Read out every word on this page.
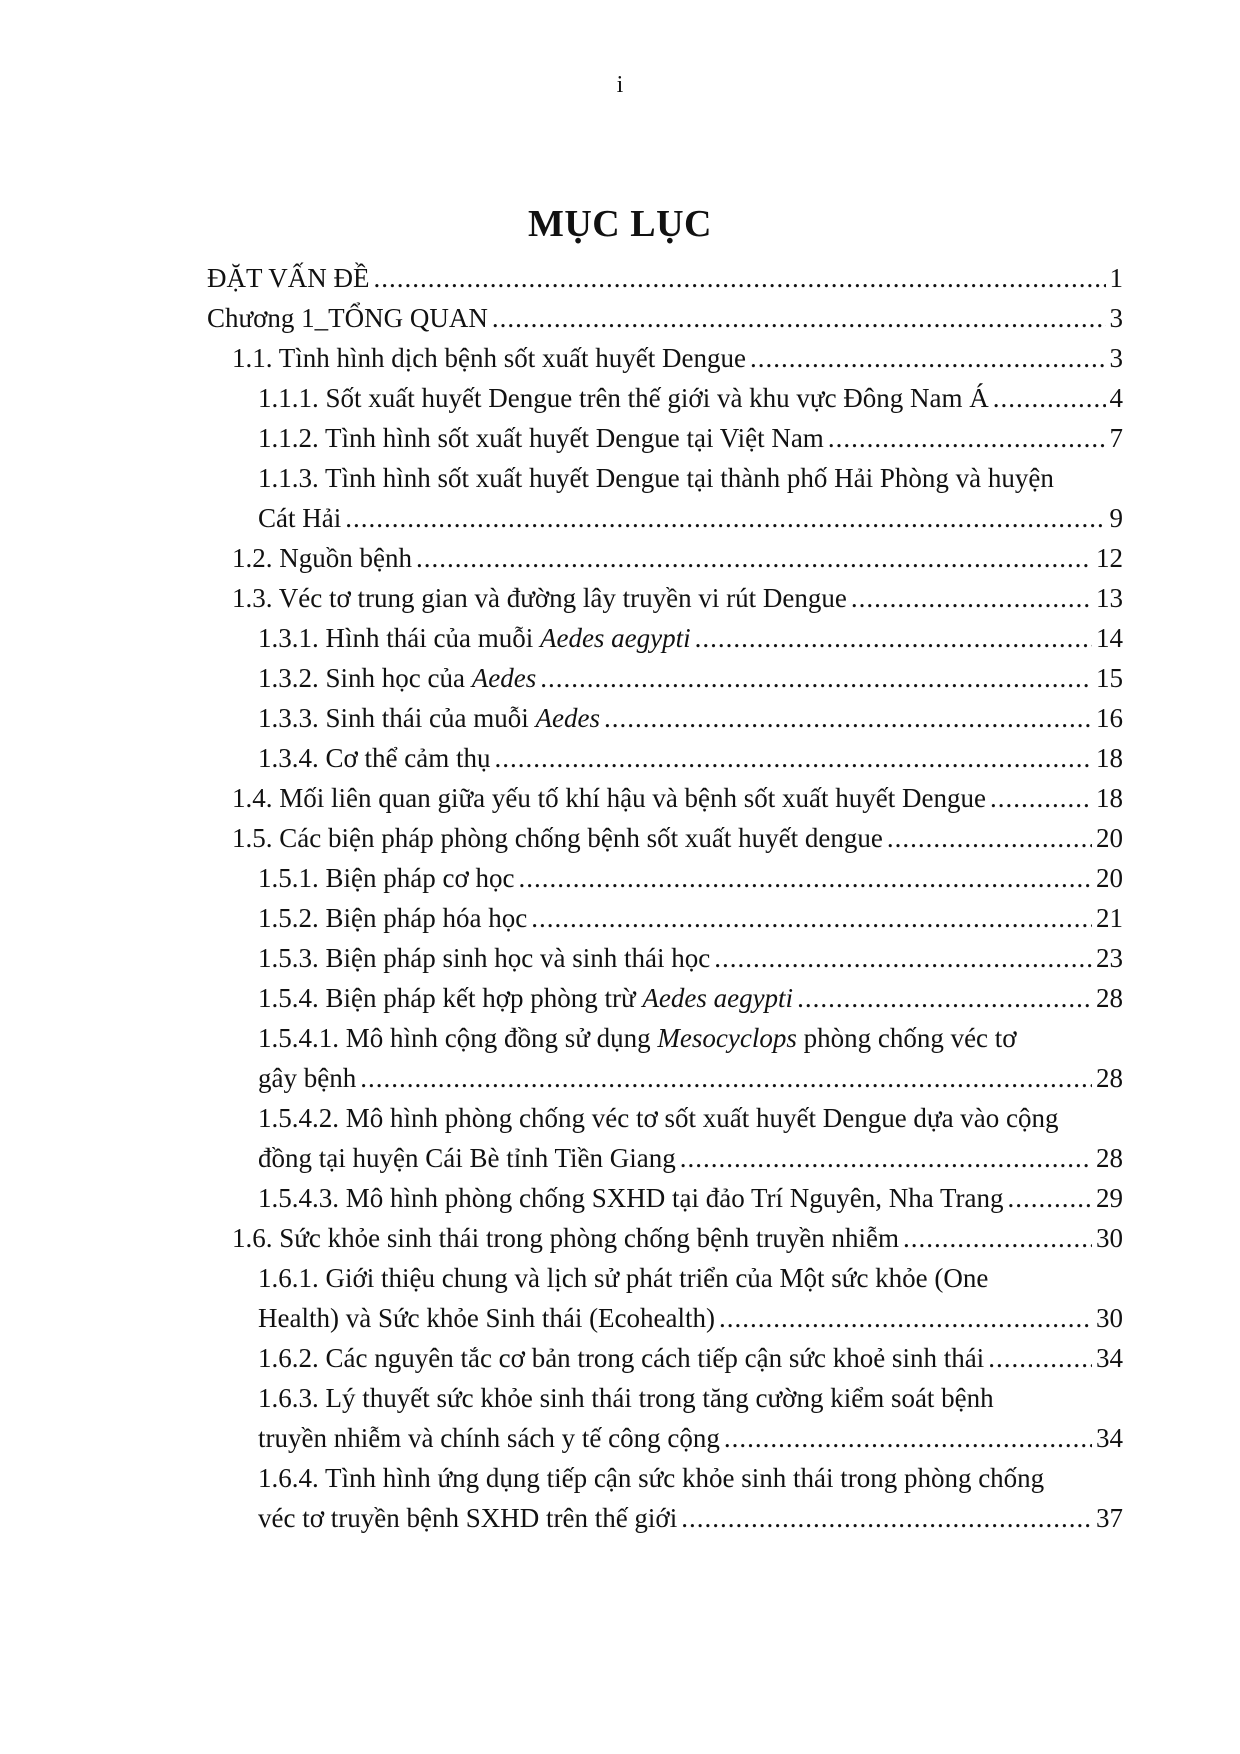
i
MỤC LỤC
ĐẶT VẤN ĐỀ .....	1
Chương 1_TỔNG QUAN .....	3
1.1. Tình hình dịch bệnh sốt xuất huyết Dengue .....	3
1.1.1. Sốt xuất huyết Dengue trên thế giới và khu vực Đông Nam Á .....	4
1.1.2. Tình hình sốt xuất huyết Dengue tại Việt Nam .....	7
1.1.3. Tình hình sốt xuất huyết Dengue tại thành phố Hải Phòng và huyện
Cát Hải .....	9
1.2. Nguồn bệnh .....	12
1.3. Véc tơ trung gian và đường lây truyền vi rút Dengue .....	13
1.3.1. Hình thái của muỗi Aedes aegypti .....	14
1.3.2. Sinh học của Aedes .....	15
1.3.3. Sinh thái của muỗi Aedes .....	16
1.3.4. Cơ thể cảm thụ .....	18
1.4. Mối liên quan giữa yếu tố khí hậu và bệnh sốt xuất huyết Dengue .....	18
1.5. Các biện pháp phòng chống bệnh sốt xuất huyết dengue .....	20
1.5.1. Biện pháp cơ học .....	20
1.5.2. Biện pháp hóa học .....	21
1.5.3. Biện pháp sinh học và sinh thái học .....	23
1.5.4. Biện pháp kết hợp phòng trừ Aedes aegypti .....	28
1.5.4.1. Mô hình cộng đồng sử dụng Mesocyclops phòng chống véc tơ
gây bệnh .....	28
1.5.4.2. Mô hình phòng chống véc tơ sốt xuất huyết Dengue dựa vào cộng
đồng tại huyện Cái Bè tỉnh Tiền Giang .....	28
1.5.4.3. Mô hình phòng chống SXHD tại đảo Trí Nguyên, Nha Trang .....	29
1.6. Sức khỏe sinh thái trong phòng chống bệnh truyền nhiễm .....	30
1.6.1. Giới thiệu chung và lịch sử phát triển của Một sức khỏe (One
Health) và Sức khỏe Sinh thái (Ecohealth) .....	30
1.6.2. Các nguyên tắc cơ bản trong cách tiếp cận sức khoẻ sinh thái .....	34
1.6.3. Lý thuyết sức khỏe sinh thái trong tăng cường kiểm soát bệnh
truyền nhiễm và chính sách y tế công cộng .....	34
1.6.4. Tình hình ứng dụng tiếp cận sức khỏe sinh thái trong phòng chống
véc tơ truyền bệnh SXHD trên thế giới .....	37
